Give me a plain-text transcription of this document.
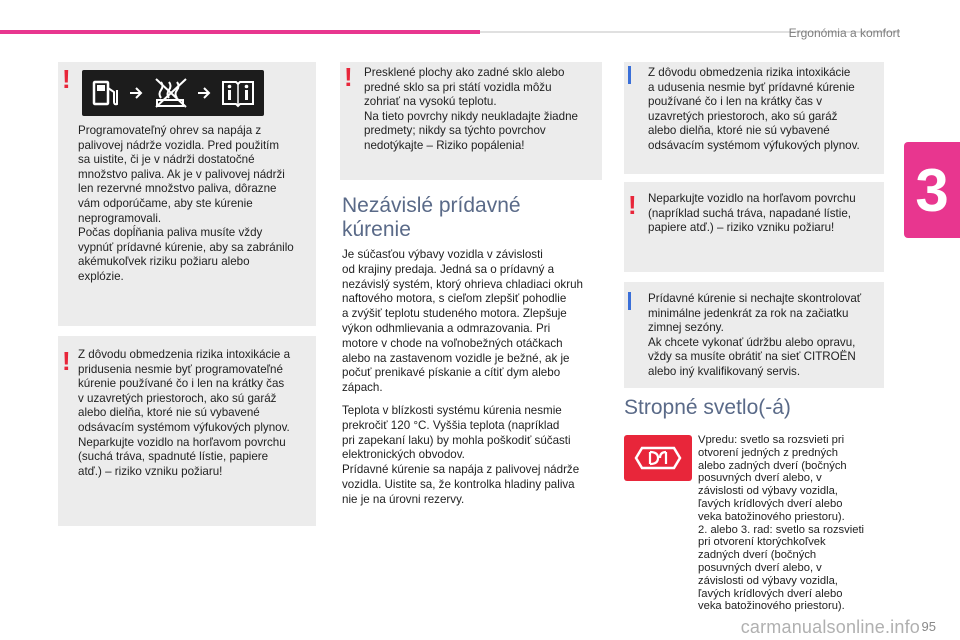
Ergonómia a komfort
3
!
Programovateľný ohrev sa napája z
palivovej nádrže vozidla. Pred použitím
sa uistite, či je v nádrži dostatočné
množstvo paliva. Ak je v palivovej nádrži
len rezervné množstvo paliva, dôrazne
vám odporúčame, aby ste kúrenie
neprogramovali.
Počas dopĺňania paliva musíte vždy
vypnúť prídavné kúrenie, aby sa zabránilo
akémukoľvek riziku požiaru alebo
explózie.
! Z dôvodu obmedzenia rizika intoxikácie a
pridusenia nesmie byť programovateľné
kúrenie používané čo i len na krátky čas
v uzavretých priestoroch, ako sú garáž
alebo dielňa, ktoré nie sú vybavené
odsávacím systémom výfukových plynov.
Neparkujte vozidlo na horľavom povrchu
(suchá tráva, spadnuté lístie, papiere
atď.) – riziko vzniku požiaru!
! Presklené plochy ako zadné sklo alebo
predné sklo sa pri státí vozidla môžu
zohriať na vysokú teplotu.
Na tieto povrchy nikdy neukladajte žiadne
predmety; nikdy sa týchto povrchov
nedotýkajte – Riziko popálenia!
Nezávislé prídavné
kúrenie
Je súčasťou výbavy vozidla v závislosti
od krajiny predaja. Jedná sa o prídavný a
nezávislý systém, ktorý ohrieva chladiaci okruh
naftového motora, s cieľom zlepšiť pohodlie
a zvýšiť teplotu studeného motora. Zlepšuje
výkon odhmlievania a odmrazovania. Pri
motore v chode na voľnobežných otáčkach
alebo na zastavenom vozidle je bežné, ak je
počuť prenikavé pískanie a cítiť dym alebo
zápach.
Teplota v blízkosti systému kúrenia nesmie
prekročiť 120 °C. Vyššia teplota (napríklad
pri zapekaní laku) by mohla poškodiť súčasti
elektronických obvodov.
Prídavné kúrenie sa napája z palivovej nádrže
vozidla. Uistite sa, že kontrolka hladiny paliva
nie je na úrovni rezervy.
Z dôvodu obmedzenia rizika intoxikácie
a udusenia nesmie byť prídavné kúrenie
používané čo i len na krátky čas v
uzavretých priestoroch, ako sú garáž
alebo dielňa, ktoré nie sú vybavené
odsávacím systémom výfukových plynov.
! Neparkujte vozidlo na horľavom povrchu
(napríklad suchá tráva, napadané lístie,
papiere atď.) – riziko vzniku požiaru!
Prídavné kúrenie si nechajte skontrolovať
minimálne jedenkrát za rok na začiatku
zimnej sezóny.
Ak chcete vykonať údržbu alebo opravu,
vždy sa musíte obrátiť na sieť CITROËN
alebo iný kvalifikovaný servis.
Stropné svetlo(-á)
Vpredu: svetlo sa rozsvieti pri
otvorení jedných z predných
alebo zadných dverí (bočných
posuvných dverí alebo, v
závislosti od výbavy vozidla,
ľavých krídlových dverí alebo
veka batožinového priestoru).
2. alebo 3. rad: svetlo sa rozsvieti
pri otvorení ktorýchkoľvek
zadných dverí (bočných
posuvných dverí alebo, v
závislosti od výbavy vozidla,
ľavých krídlových dverí alebo
veka batožinového priestoru).
carmanualsonline.info 95
